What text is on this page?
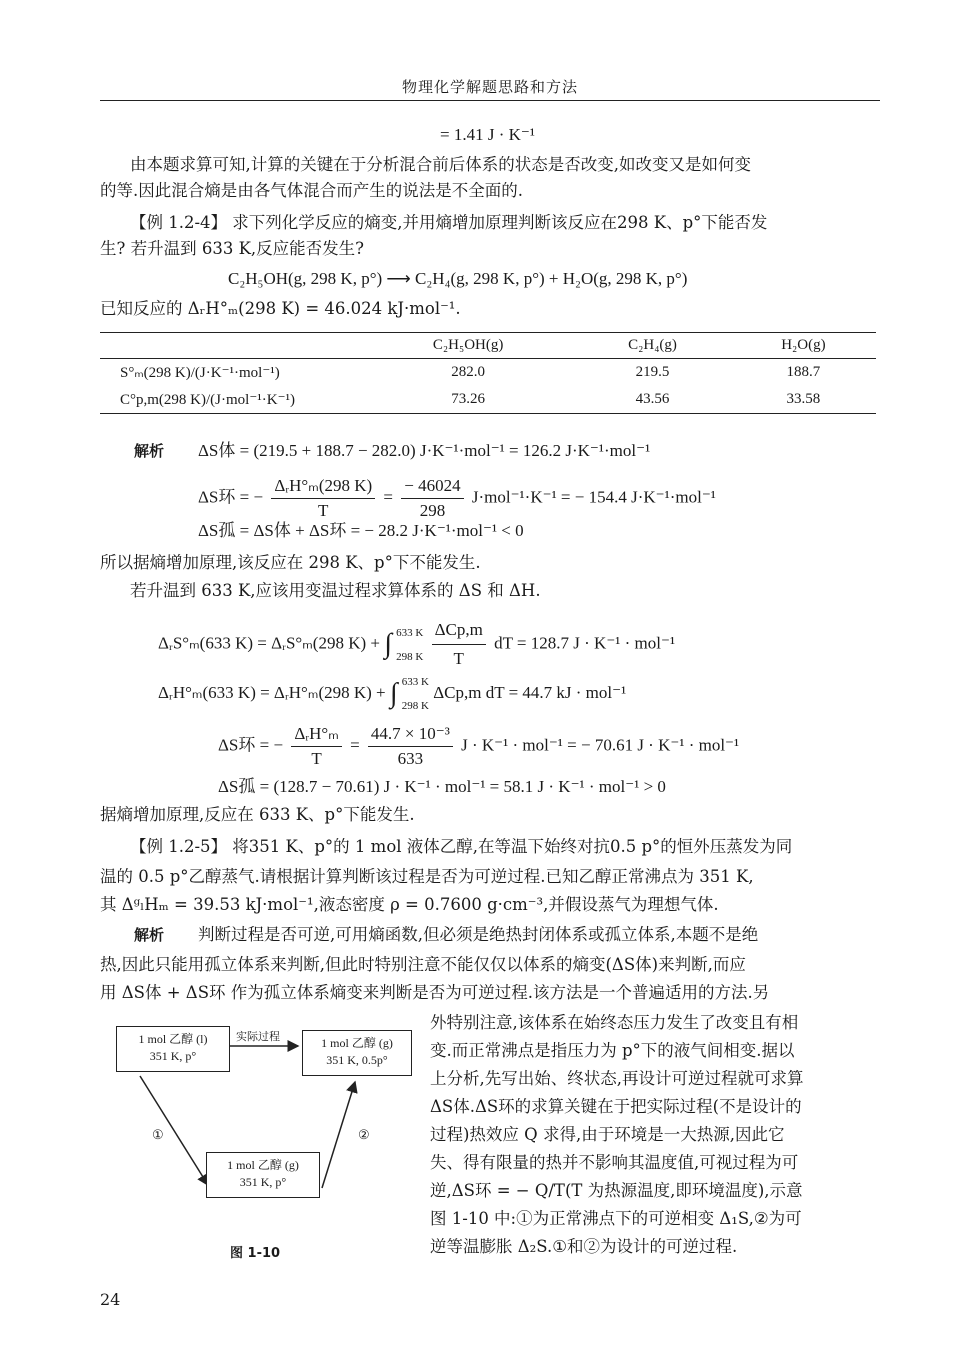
物理化学解题思路和方法
= 1.41 J · K⁻¹
由本题求算可知,计算的关键在于分析混合前后体系的状态是否改变,如改变又是如何变
的等.因此混合熵是由各气体混合而产生的说法是不全面的.
【例 1.2-4】 求下列化学反应的熵变,并用熵增加原理判断该反应在298 K、p°下能否发
生? 若升温到 633 K,反应能否发生?
C₂H₅OH(g, 298 K, p°) ⟶ C₂H₄(g, 298 K, p°) + H₂O(g, 298 K, p°)
已知反应的 ΔᵣH°ₘ(298 K) = 46.024 kJ·mol⁻¹.
	C₂H₅OH(g)	C₂H₄(g)	H₂O(g)
S°ₘ(298 K)/(J·K⁻¹·mol⁻¹)	282.0	219.5	188.7
C°p,m(298 K)/(J·mol⁻¹·K⁻¹)	73.26	43.56	33.58
解析 ΔS体 = (219.5 + 188.7 − 282.0) J·K⁻¹·mol⁻¹ = 126.2 J·K⁻¹·mol⁻¹
ΔS环 = − $\frac{\text{ΔᵣH°ₘ(298 K)}}{T} = \frac{- 46024}{298} J\cdot mol^{-1}\cdot K^{-1}$ = − 154.4 J·K⁻¹·mol⁻¹
ΔS孤 = ΔS体 + ΔS环 = − 28.2 J·K⁻¹·mol⁻¹ < 0
所以据熵增加原理,该反应在 298 K、p°下不能发生.
若升温到 633 K,应该用变温过程求算体系的 ΔS 和 ΔH.
ΔᵣS°ₘ(633 K) = ΔᵣS°ₘ(298 K) + ∫ 633 K
298 K
$\frac{\text{ΔCp,m}}{T}$ dT = 128.7 J · K⁻¹ · mol⁻¹
ΔᵣH°ₘ(633 K) = ΔᵣH°ₘ(298 K) + ∫ 633 K
298 K
ΔCp,m dT = 44.7 kJ · mol⁻¹
ΔS环 = − $\frac{\text{ΔᵣH°ₘ}}{T} = \frac{\text{44.7 × 10⁻³}}{633}$ J · K⁻¹ · mol⁻¹ = − 70.61 J · K⁻¹ · mol⁻¹
ΔS孤 = (128.7 − 70.61) J · K⁻¹ · mol⁻¹ = 58.1 J · K⁻¹ · mol⁻¹ > 0
据熵增加原理,反应在 633 K、p°下能发生.
【例 1.2-5】 将351 K、p°的 1 mol 液体乙醇,在等温下始终对抗0.5 p°的恒外压蒸发为同
温的 0.5 p°乙醇蒸气.请根据计算判断该过程是否为可逆过程.已知乙醇正常沸点为 351 K,
其 ΔᵍₗHₘ = 39.53 kJ·mol⁻¹,液态密度 ρ = 0.7600 g·cm⁻³,并假设蒸气为理想气体.
解析 判断过程是否可逆,可用熵函数,但必须是绝热封闭体系或孤立体系,本题不是绝
热,因此只能用孤立体系来判断,但此时特别注意不能仅仅以体系的熵变(ΔS体)来判断,而应
用 ΔS体 + ΔS环 作为孤立体系熵变来判断是否为可逆过程.该方法是一个普遍适用的方法.另
外特别注意,该体系在始终态压力发生了改变且有相
变.而正常沸点是指压力为 p°下的液气间相变.据以
上分析,先写出始、终状态,再设计可逆过程就可求算
ΔS体.ΔS环的求算关键在于把实际过程(不是设计的
过程)热效应 Q 求得,由于环境是一大热源,因此它
失、得有限量的热并不影响其温度值,可视过程为可
逆,ΔS环 = − Q/T(T 为热源温度,即环境温度),示意
图 1-10 中:①为正常沸点下的可逆相变 Δ₁S,②为可
逆等温膨胀 Δ₂S.①和②为设计的可逆过程.
1 mol 乙醇 (l)
351 K, p°
实际过程	1 mol 乙醇 (g)
351 K, 0.5p°
①	②
1 mol 乙醇 (g)
351 K, p°
图 1-10
24
